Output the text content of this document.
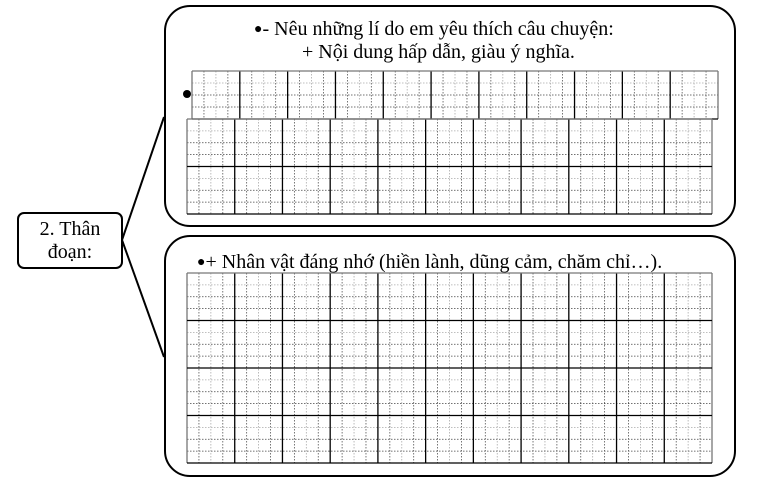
2. Thân
đoạn:
●- Nêu những lí do em yêu thích câu chuyện:
+ Nội dung hấp dẫn, giàu ý nghĩa.
●+ Nhân vật đáng nhớ (hiền lành, dũng cảm, chăm chỉ…).
